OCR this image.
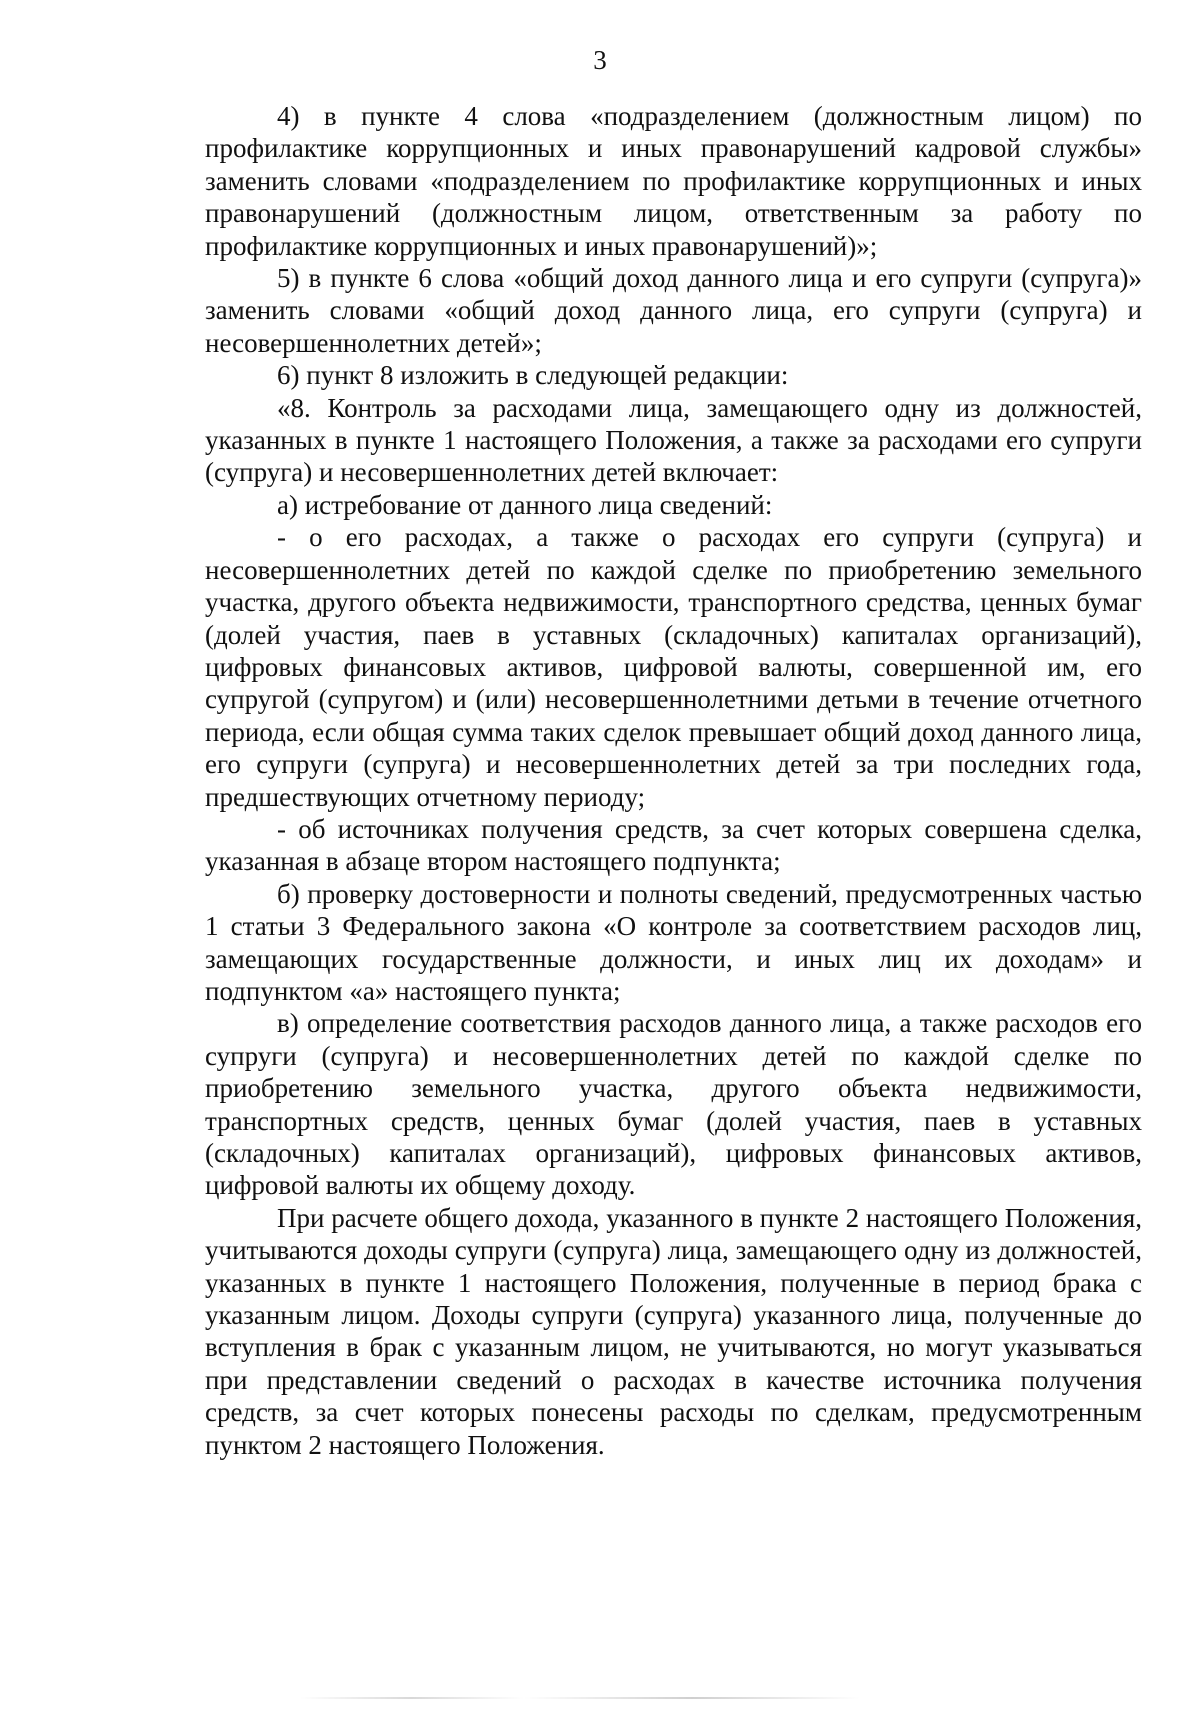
3

4) в пункте 4 слова «подразделением (должностным лицом) по профилактике коррупционных и иных правонарушений кадровой службы» заменить словами «подразделением по профилактике коррупционных и иных правонарушений (должностным лицом, ответственным за работу по профилактике коррупционных и иных правонарушений)»;

5) в пункте 6 слова «общий доход данного лица и его супруги (супруга)» заменить словами «общий доход данного лица, его супруги (супруга) и несовершеннолетних детей»;

6) пункт 8 изложить в следующей редакции:

«8. Контроль за расходами лица, замещающего одну из должностей, указанных в пункте 1 настоящего Положения, а также за расходами его супруги (супруга) и несовершеннолетних детей включает:

а) истребование от данного лица сведений:

- о его расходах, а также о расходах его супруги (супруга) и несовершеннолетних детей по каждой сделке по приобретению земельного участка, другого объекта недвижимости, транспортного средства, ценных бумаг (долей участия, паев в уставных (складочных) капиталах организаций), цифровых финансовых активов, цифровой валюты, совершенной им, его супругой (супругом) и (или) несовершеннолетними детьми в течение отчетного периода, если общая сумма таких сделок превышает общий доход данного лица, его супруги (супруга) и несовершеннолетних детей за три последних года, предшествующих отчетному периоду;

- об источниках получения средств, за счет которых совершена сделка, указанная в абзаце втором настоящего подпункта;

б) проверку достоверности и полноты сведений, предусмотренных частью 1 статьи 3 Федерального закона «О контроле за соответствием расходов лиц, замещающих государственные должности, и иных лиц их доходам» и подпунктом «а» настоящего пункта;

в) определение соответствия расходов данного лица, а также расходов его супруги (супруга) и несовершеннолетних детей по каждой сделке по приобретению земельного участка, другого объекта недвижимости, транспортных средств, ценных бумаг (долей участия, паев в уставных (складочных) капиталах организаций), цифровых финансовых активов, цифровой валюты их общему доходу.

При расчете общего дохода, указанного в пункте 2 настоящего Положения, учитываются доходы супруги (супруга) лица, замещающего одну из должностей, указанных в пункте 1 настоящего Положения, полученные в период брака с указанным лицом. Доходы супруги (супруга) указанного лица, полученные до вступления в брак с указанным лицом, не учитываются, но могут указываться при представлении сведений о расходах в качестве источника получения средств, за счет которых понесены расходы по сделкам, предусмотренным пунктом 2 настоящего Положения.
